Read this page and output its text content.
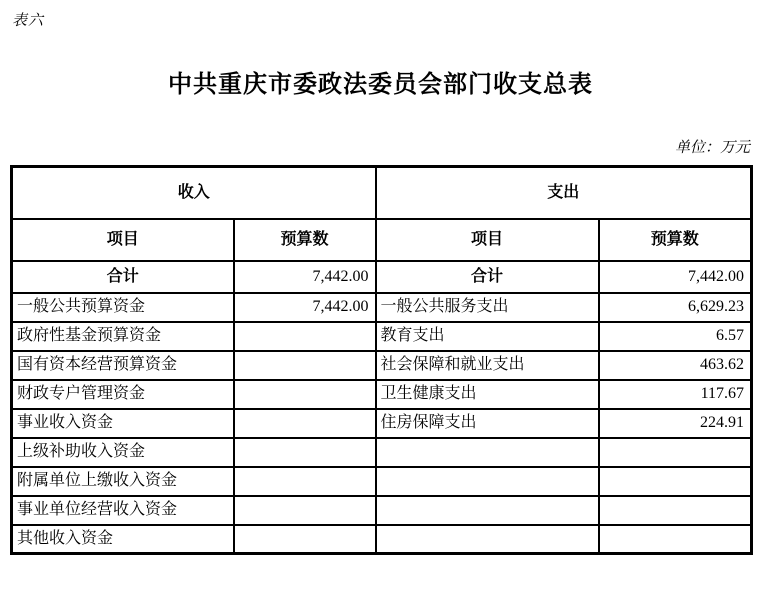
表六
中共重庆市委政法委员会部门收支总表
单位：万元
收入		支出	
项目	预算数	项目	预算数
合计	7,442.00	合计	7,442.00
一般公共预算资金	7,442.00	一般公共服务支出	6,629.23
政府性基金预算资金		教育支出	6.57
国有资本经营预算资金		社会保障和就业支出	463.62
财政专户管理资金		卫生健康支出	117.67
事业收入资金		住房保障支出	224.91
上级补助收入资金			
附属单位上缴收入资金			
事业单位经营收入资金			
其他收入资金			
